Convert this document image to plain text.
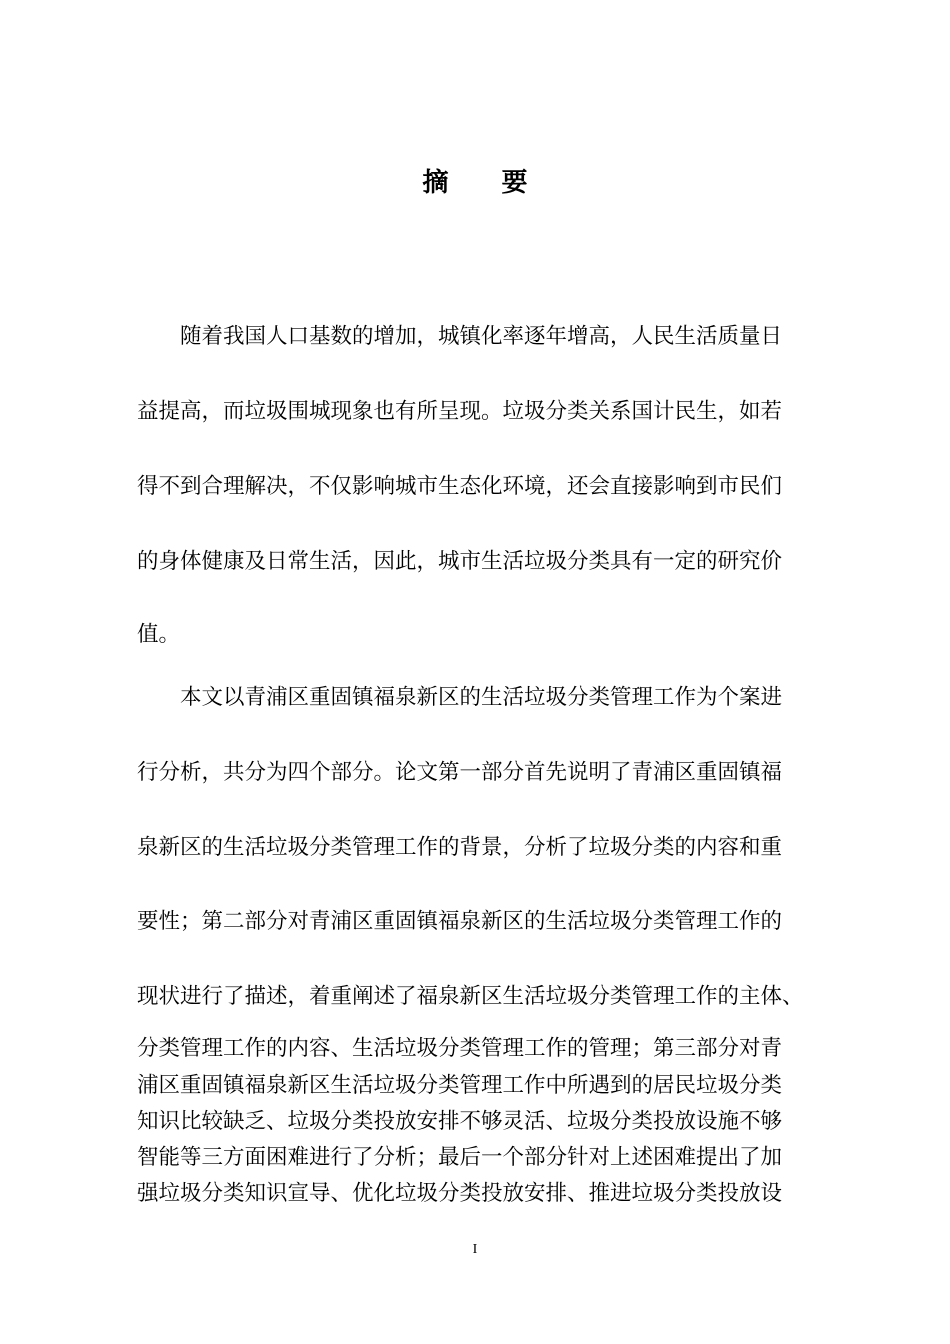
摘 要
随着我国人口基数的增加，城镇化率逐年增高，人民生活质量日
益提高，而垃圾围城现象也有所呈现。垃圾分类关系国计民生，如若
得不到合理解决，不仅影响城市生态化环境，还会直接影响到市民们
的身体健康及日常生活，因此，城市生活垃圾分类具有一定的研究价
值。
本文以青浦区重固镇福泉新区的生活垃圾分类管理工作为个案进
行分析，共分为四个部分。论文第一部分首先说明了青浦区重固镇福
泉新区的生活垃圾分类管理工作的背景，分析了垃圾分类的内容和重
要性；第二部分对青浦区重固镇福泉新区的生活垃圾分类管理工作的
现状进行了描述，着重阐述了福泉新区生活垃圾分类管理工作的主体、
分类管理工作的内容、生活垃圾分类管理工作的管理；第三部分对青
浦区重固镇福泉新区生活垃圾分类管理工作中所遇到的居民垃圾分类
知识比较缺乏、垃圾分类投放安排不够灵活、垃圾分类投放设施不够
智能等三方面困难进行了分析；最后一个部分针对上述困难提出了加
强垃圾分类知识宣导、优化垃圾分类投放安排、推进垃圾分类投放设
I
